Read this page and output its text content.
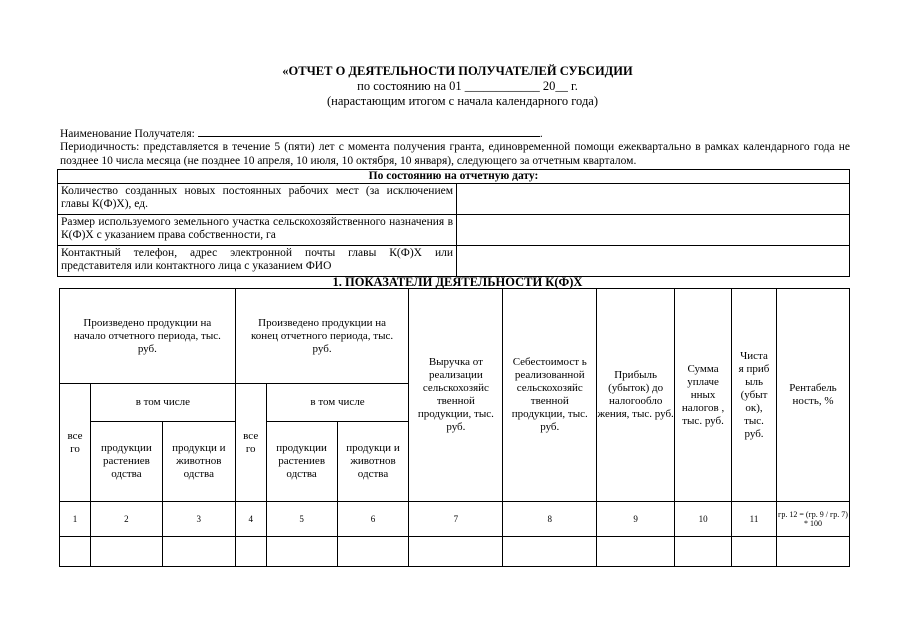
«ОТЧЕТ О ДЕЯТЕЛЬНОСТИ ПОЛУЧАТЕЛЕЙ СУБСИДИИ
по состоянию на 01 ____________ 20__ г.
(нарастающим итогом с начала календарного года)
Наименование Получателя:	.
Периодичность: представляется в течение 5 (пяти) лет с момента получения гранта, единовременной помощи ежеквартально в рамках календарного года не позднее 10 числа месяца (не позднее 10 апреля, 10 июля, 10 октября, 10 января), следующего за отчетным кварталом.
По состоянию на отчетную дату:	
Количество созданных новых постоянных рабочих мест (за исключением главы К(Ф)Х), ед.	
Размер используемого земельного участка сельскохозяйственного назначения в К(Ф)Х с указанием права собственности, га	
Контактный телефон, адрес электронной почты главы К(Ф)Х или представителя или контактного лица с указанием ФИО	
1. ПОКАЗАТЕЛИ ДЕЯТЕЛЬНОСТИ К(Ф)Х
Произведено продукции на начало отчетного периода, тыс. руб.			Произведено продукции на конец отчетного периода, тыс. руб.			Выручка от реализации сельскохозяйс твенной продукции, тыс. руб.	Себестоимост ь реализованной сельскохозяйс твенной продукции, тыс. руб.	Прибыль (убыток) до налогообло жения, тыс. руб.	Сумма уплаче нных налогов , тыс. руб.	Чиста я приб ыль (убыт ок), тыс. руб.	Рентабель ность, %
все го	в том числе		все го	в том числе							
	продукции растениев одства	продукци и животнов одства		продукции растениев одства	продукци и животнов одства						
1	2	3	4	5	6	7	8	9	10	11	гр. 12 = (гр. 9 / гр. 7) * 100
